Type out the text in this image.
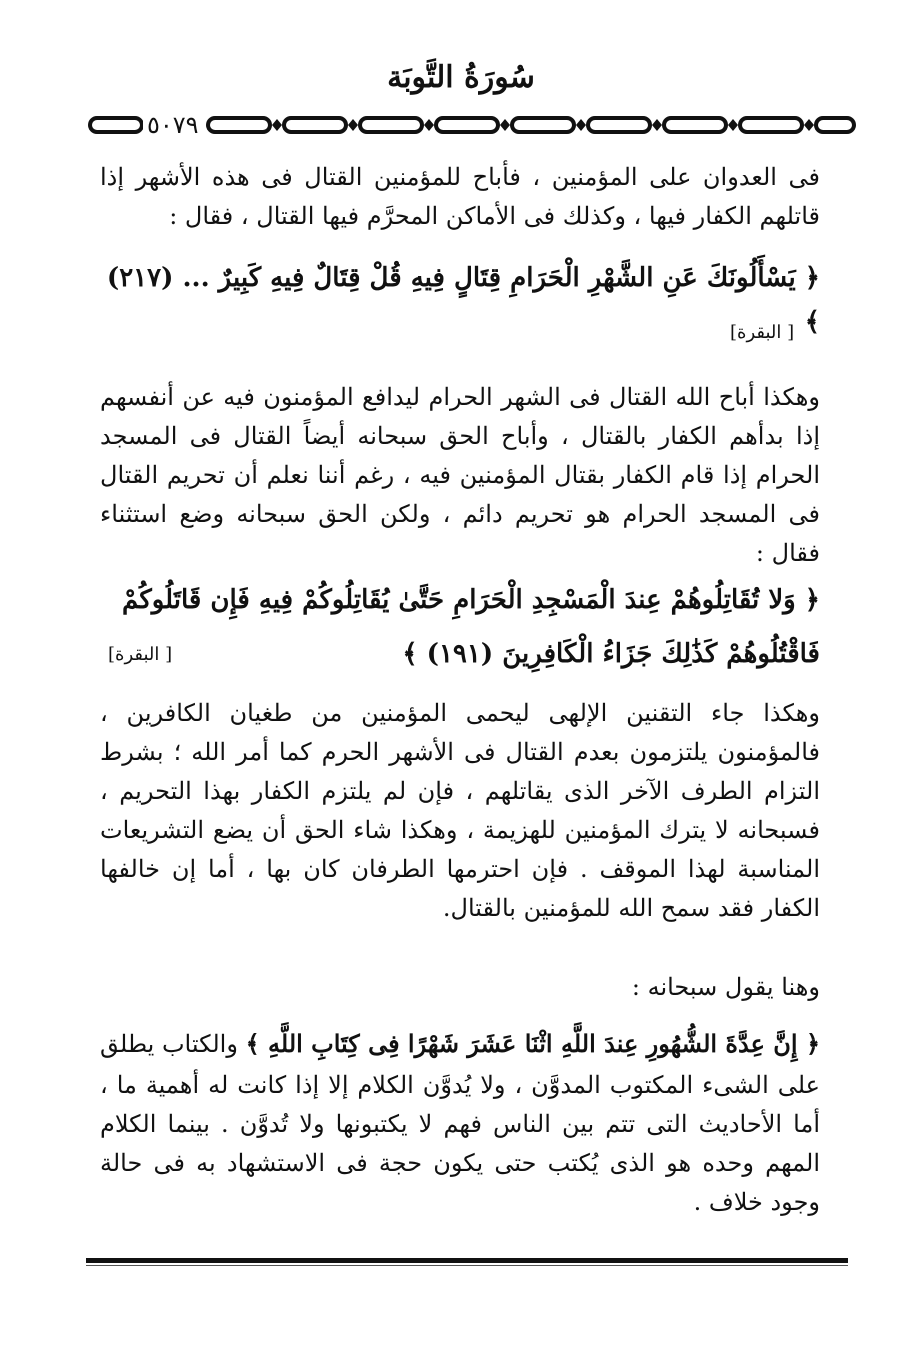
سُورَةُ التَّوبَة
٥٠٧٩
فى العدوان على المؤمنين ، فأباح للمؤمنين القتال فى هذه الأشهر إذا قاتلهم الكفار فيها ، وكذلك فى الأماكن المحرَّم فيها القتال ، فقال :
﴿ يَسْأَلُونَكَ عَنِ الشَّهْرِ الْحَرَامِ قِتَالٍ فِيهِ قُلْ قِتَالٌ فِيهِ كَبِيرٌ ... (٢١٧) ﴾
[ البقرة]
وهكذا أباح الله القتال فى الشهر الحرام ليدافع المؤمنون فيه عن أنفسهم إذا بدأهم الكفار بالقتال ، وأباح الحق سبحانه أيضاً القتال فى المسجد الحرام إذا قام الكفار بقتال المؤمنين فيه ، رغم أننا نعلم أن تحريم القتال فى المسجد الحرام هو تحريم دائم ، ولكن الحق سبحانه وضع استثناء فقال :
﴿ وَلا تُقَاتِلُوهُمْ عِندَ الْمَسْجِدِ الْحَرَامِ حَتَّىٰ يُقَاتِلُوكُمْ فِيهِ فَإِن قَاتَلُوكُمْ
فَاقْتُلُوهُمْ كَذَٰلِكَ جَزَاءُ الْكَافِرِينَ (١٩١) ﴾
[ البقرة]
وهكذا جاء التقنين الإلهى ليحمى المؤمنين من طغيان الكافرين ، فالمؤمنون يلتزمون بعدم القتال فى الأشهر الحرم كما أمر الله ؛ بشرط التزام الطرف الآخر الذى يقاتلهم ، فإن لم يلتزم الكفار بهذا التحريم ، فسبحانه لا يترك المؤمنين للهزيمة ، وهكذا شاء الحق أن يضع التشريعات المناسبة لهذا الموقف . فإن احترمها الطرفان كان بها ، أما إن خالفها الكفار فقد سمح الله للمؤمنين بالقتال.
وهنا يقول سبحانه :
﴿ إِنَّ عِدَّةَ الشُّهُورِ عِندَ اللَّهِ اثْنَا عَشَرَ شَهْرًا فِى كِتَابِ اللَّهِ ﴾ والكتاب يطلق على الشىء المكتوب المدوَّن ، ولا يُدوَّن الكلام إلا إذا كانت له أهمية ما ، أما الأحاديث التى تتم بين الناس فهم لا يكتبونها ولا تُدوَّن . بينما الكلام المهم وحده هو الذى يُكتب حتى يكون حجة فى الاستشهاد به فى حالة وجود خلاف .
